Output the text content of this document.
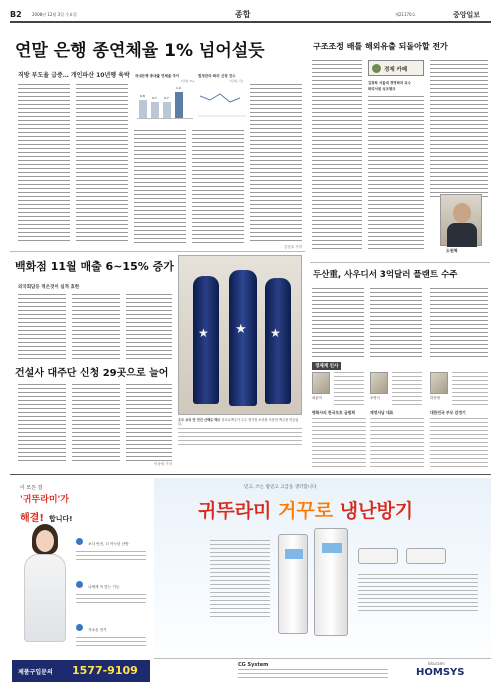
B2	2008년 12월 3일 수요일	종합	제21170호	중앙일보
연말 은행 종연체율 1% 넘어설듯
직방 부도율 급증… 개인파산 10년쨍 육박 국내은행 종대출 연체율 추이
(단위: %)
0.8 0.7 0.7
1.0
법정관리·화의 신청 건수
(단위: 건)
김준술 기자
백화점 11월 매출 6~15% 증가
외국회담등 적은것이 실적 효한
건설사 대주단 신청 29곳으로 늘어
이상렬 기자
★ ★ ★
우주 보리 만 언진 산맥로 맥주 삿포로맥주가 우주 정거장 보리를 사용한 맥주를 만들었다.
구조조정 배틀 해외유출 되돌아할 전가
경제 카페
김창학 서울대 경영학과 교수
화리서원 싱크탱크
도원혁
두산重, 사우디서 3억달러 플랜트 수주
경제계 인사
최윤미	조영식	하종재
평화사의 한국모호 금펌희	재영서남 대표	대한민국 부모 감정기
이 모든 걸
'귀뚜라미'가
해결! 합니다!
보다 안전, 더 아늑한 난방
나에게 꼭 맞는 기능
저소음 전기
제품구입문의 1577-9109
믿고, 쓰는 밤믿고 고급을 생각합니다
귀뚜라미 거꾸로 냉난방기
CG System	kiturami
HOMSYS
